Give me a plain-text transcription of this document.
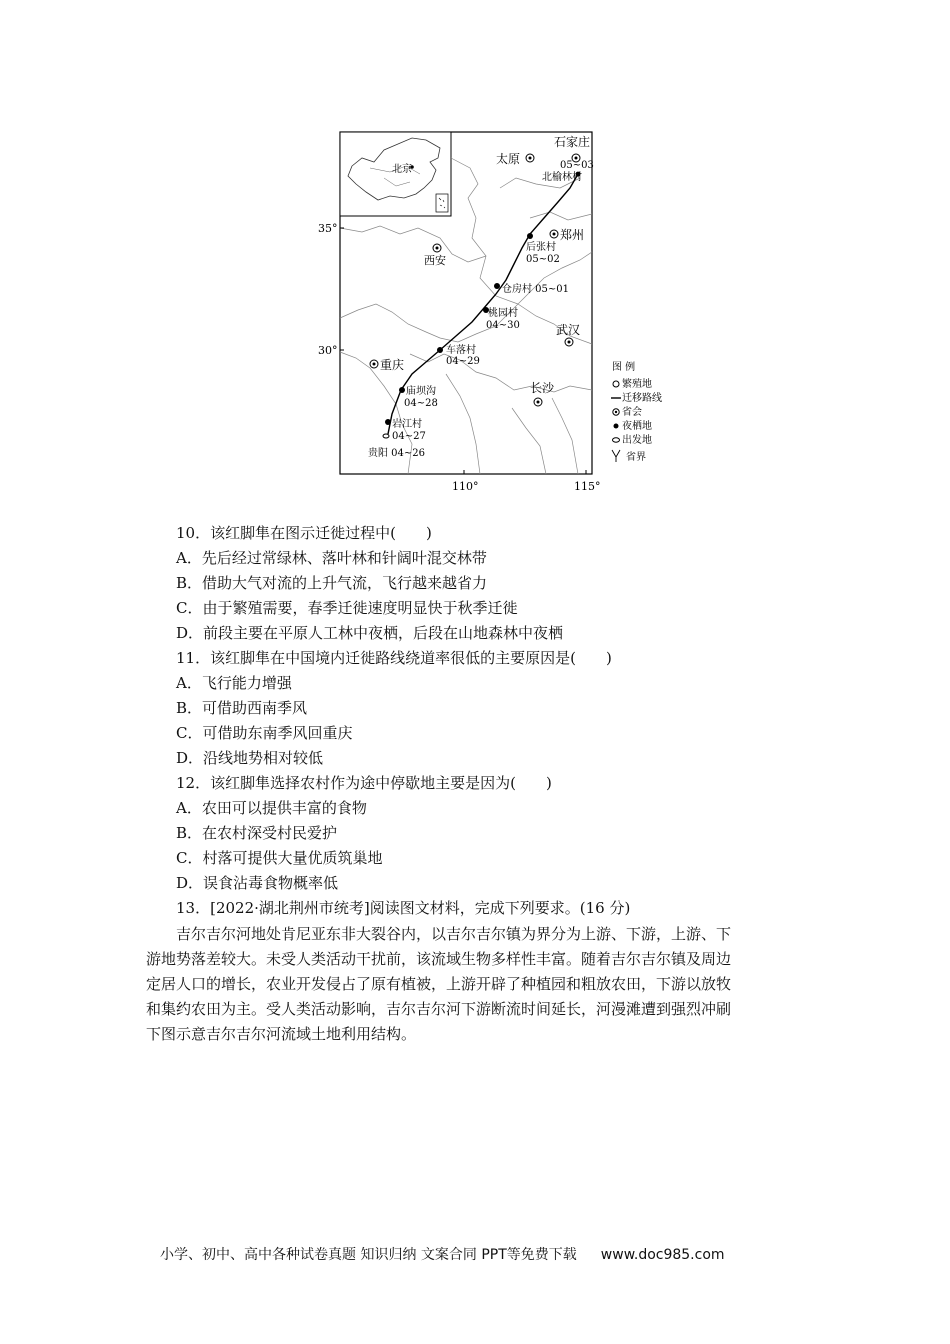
北京
35°
30°
110°	115°
太原
石家庄
05~03
北榆林村
郑州
后张村
05~02
西安
仓房村 05~01
桃园村
04~30	武汉
车落村
04~29
重庆
长沙
庙坝沟
04~28
岩江村
04~27
贵阳 04~26
图 例
繁殖地
迁移路线
省会
夜栖地
出发地
省界
10．该红脚隼在图示迁徙过程中(　　)
A．先后经过常绿林、落叶林和针阔叶混交林带
B．借助大气对流的上升气流，飞行越来越省力
C．由于繁殖需要，春季迁徙速度明显快于秋季迁徙
D．前段主要在平原人工林中夜栖，后段在山地森林中夜栖
11．该红脚隼在中国境内迁徙路线绕道率很低的主要原因是(　　)
A．飞行能力增强
B．可借助西南季风
C．可借助东南季风回重庆
D．沿线地势相对较低
12．该红脚隼选择农村作为途中停歇地主要是因为(　　)
A．农田可以提供丰富的食物
B．在农村深受村民爱护
C．村落可提供大量优质筑巢地
D．误食沾毒食物概率低
13．[2022·湖北荆州市统考]阅读图文材料，完成下列要求。(16 分)
吉尔吉尔河地处肯尼亚东非大裂谷内，以吉尔吉尔镇为界分为上游、下游，上游、下
游地势落差较大。未受人类活动干扰前，该流域生物多样性丰富。随着吉尔吉尔镇及周边
定居人口的增长，农业开发侵占了原有植被，上游开辟了种植园和粗放农田，下游以放牧
和集约农田为主。受人类活动影响，吉尔吉尔河下游断流时间延长，河漫滩遭到强烈冲刷
下图示意吉尔吉尔河流域土地利用结构。
小学、初中、高中各种试卷真题 知识归纳 文案合同 PPT等免费下载 www.doc985.com
